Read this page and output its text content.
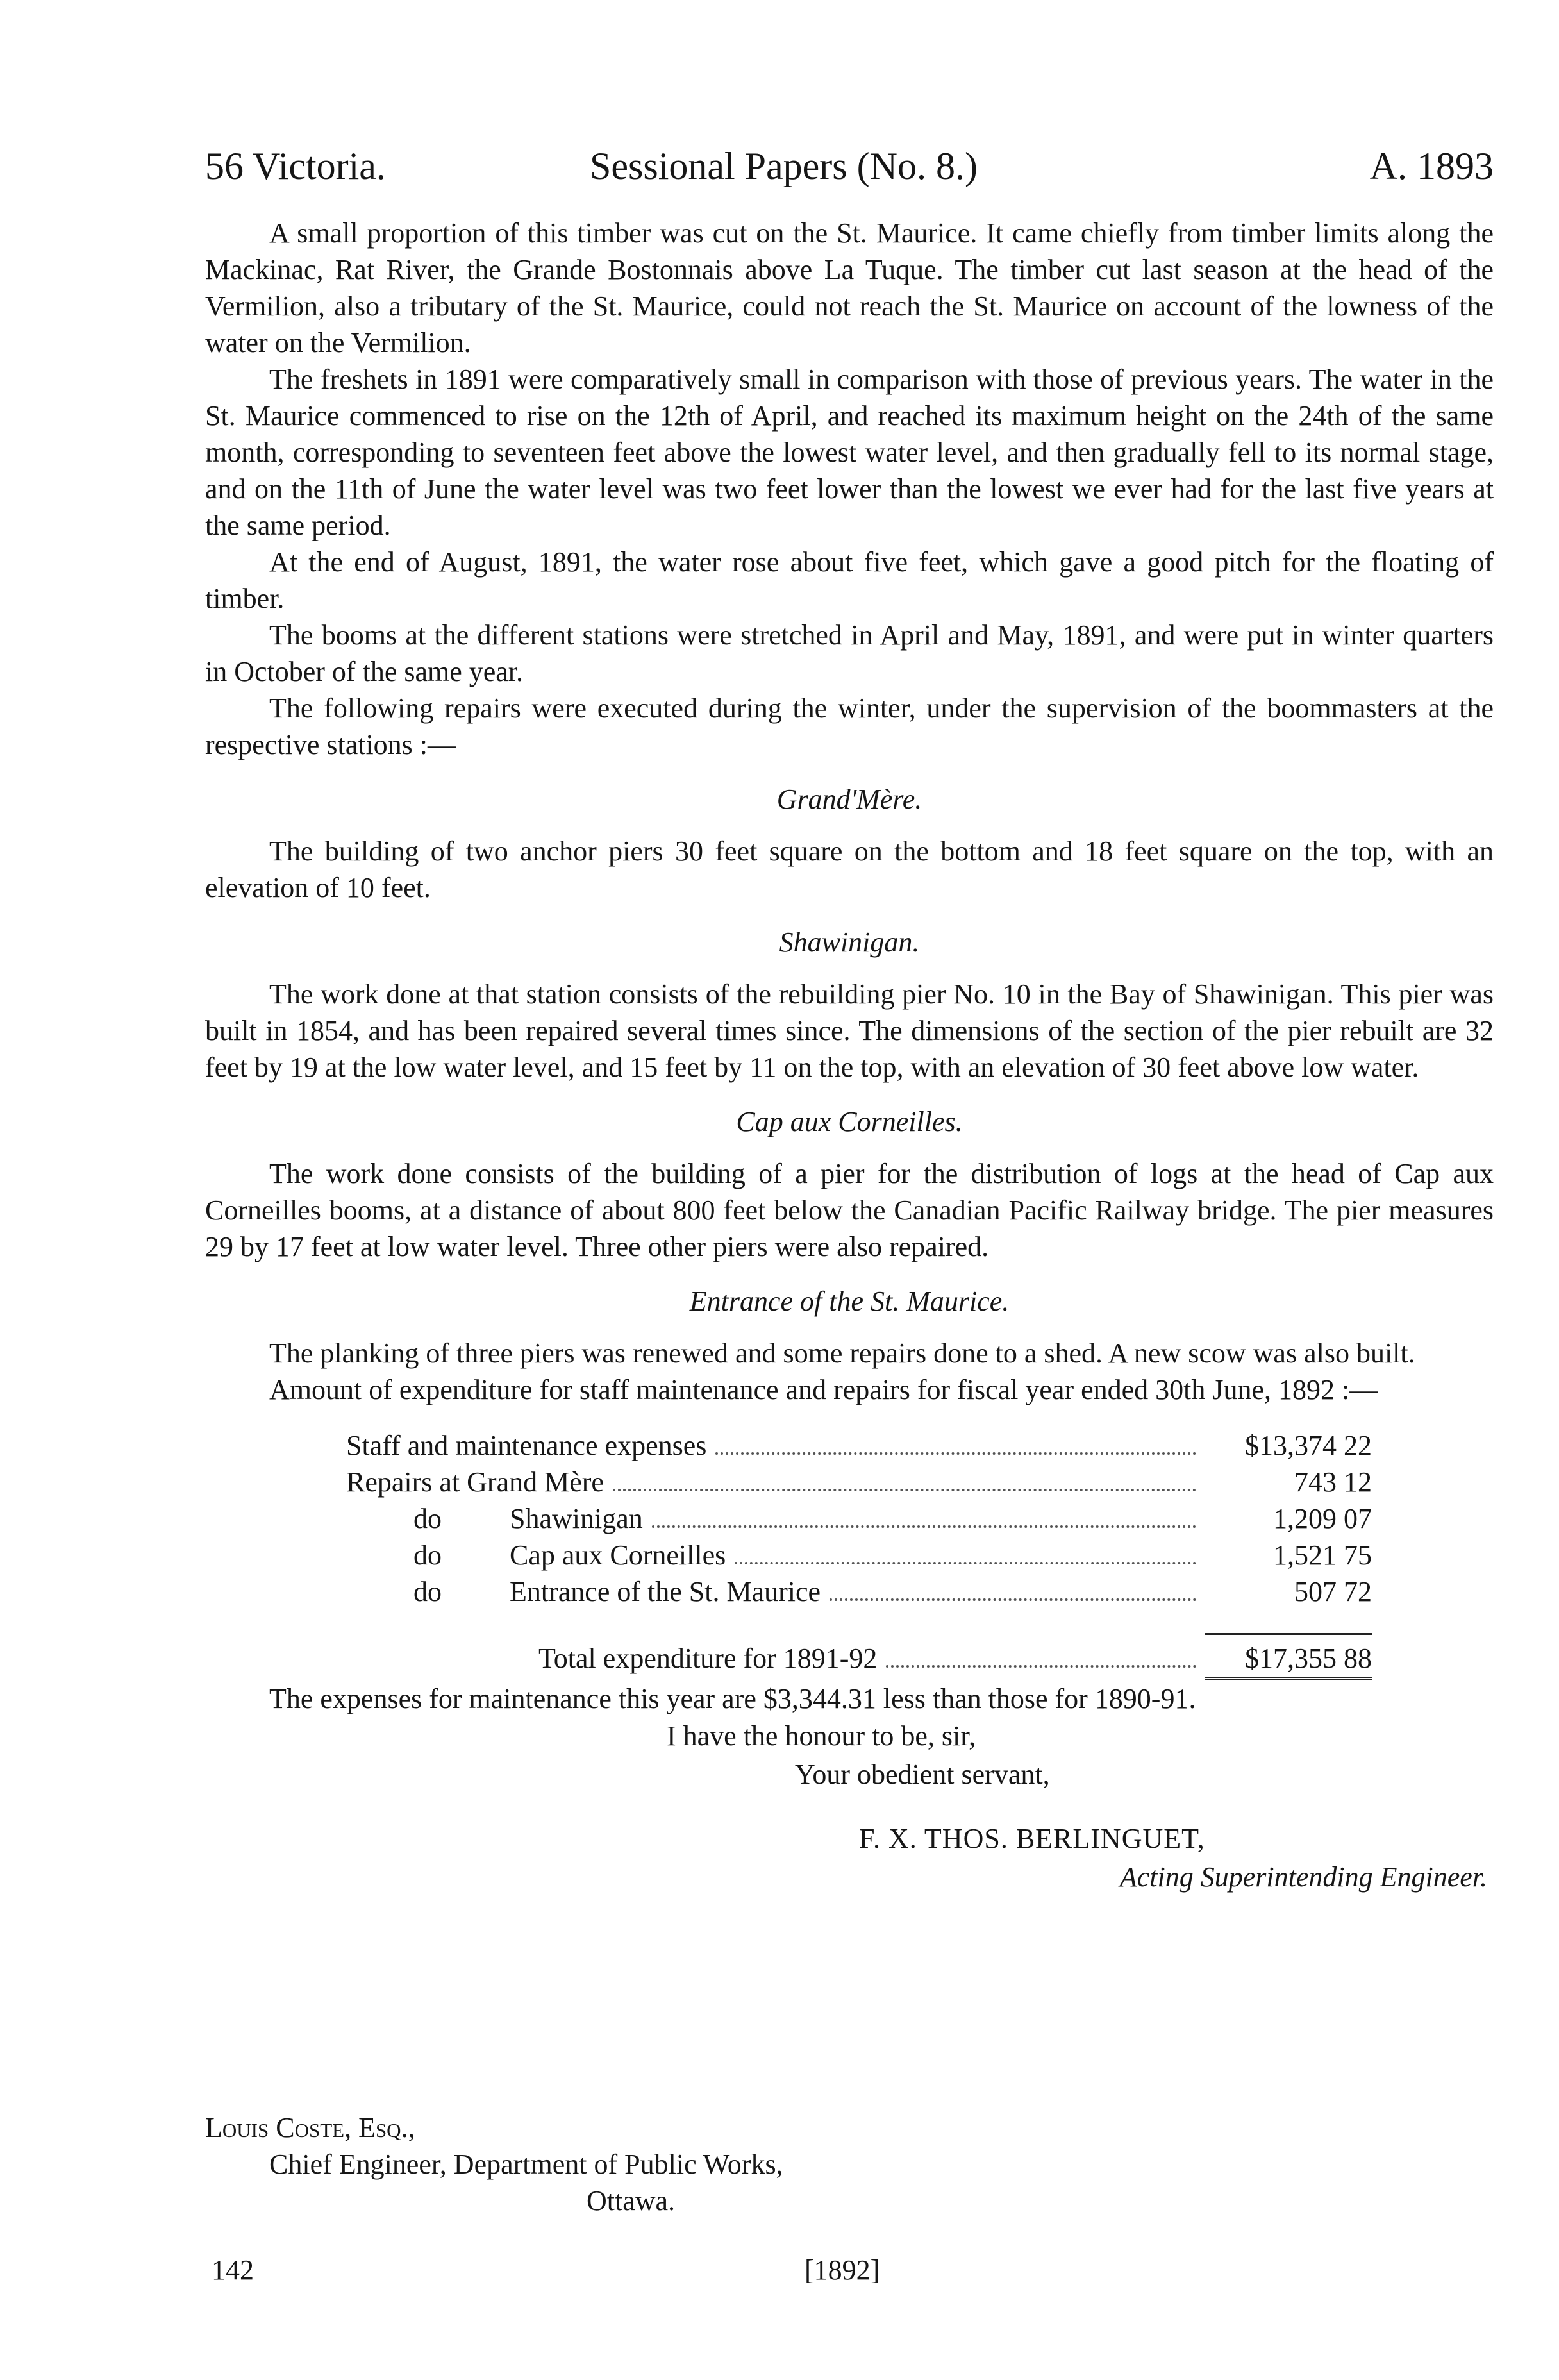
56 Victoria.	Sessional Papers (No. 8.)	A. 1893

A small proportion of this timber was cut on the St. Maurice. It came chiefly from timber limits along the Mackinac, Rat River, the Grande Bostonnais above La Tuque. The timber cut last season at the head of the Vermilion, also a tributary of the St. Maurice, could not reach the St. Maurice on account of the lowness of the water on the Vermilion.

The freshets in 1891 were comparatively small in comparison with those of previous years. The water in the St. Maurice commenced to rise on the 12th of April, and reached its maximum height on the 24th of the same month, corresponding to seventeen feet above the lowest water level, and then gradually fell to its normal stage, and on the 11th of June the water level was two feet lower than the lowest we ever had for the last five years at the same period.

At the end of August, 1891, the water rose about five feet, which gave a good pitch for the floating of timber.

The booms at the different stations were stretched in April and May, 1891, and were put in winter quarters in October of the same year.

The following repairs were executed during the winter, under the supervision of the boommasters at the respective stations :—

Grand'Mère.

The building of two anchor piers 30 feet square on the bottom and 18 feet square on the top, with an elevation of 10 feet.

Shawinigan.

The work done at that station consists of the rebuilding pier No. 10 in the Bay of Shawinigan. This pier was built in 1854, and has been repaired several times since. The dimensions of the section of the pier rebuilt are 32 feet by 19 at the low water level, and 15 feet by 11 on the top, with an elevation of 30 feet above low water.

Cap aux Corneilles.

The work done consists of the building of a pier for the distribution of logs at the head of Cap aux Corneilles booms, at a distance of about 800 feet below the Canadian Pacific Railway bridge. The pier measures 29 by 17 feet at low water level. Three other piers were also repaired.

Entrance of the St. Maurice.

The planking of three piers was renewed and some repairs done to a shed. A new scow was also built.

Amount of expenditure for staff maintenance and repairs for fiscal year ended 30th June, 1892 :—

Staff and maintenance expenses	$13,374 22
Repairs at Grand Mère	743 12
do	Shawinigan	1,209 07
do	Cap aux Corneilles	1,521 75
do	Entrance of the St. Maurice	507 72
Total expenditure for 1891-92	$17,355 88

The expenses for maintenance this year are $3,344.31 less than those for 1890-91.

I have the honour to be, sir,
Your obedient servant,
F. X. THOS. BERLINGUET,
Acting Superintending Engineer.
Louis Coste, Esq.,
Chief Engineer, Department of Public Works,
Ottawa.
142	[1892]
